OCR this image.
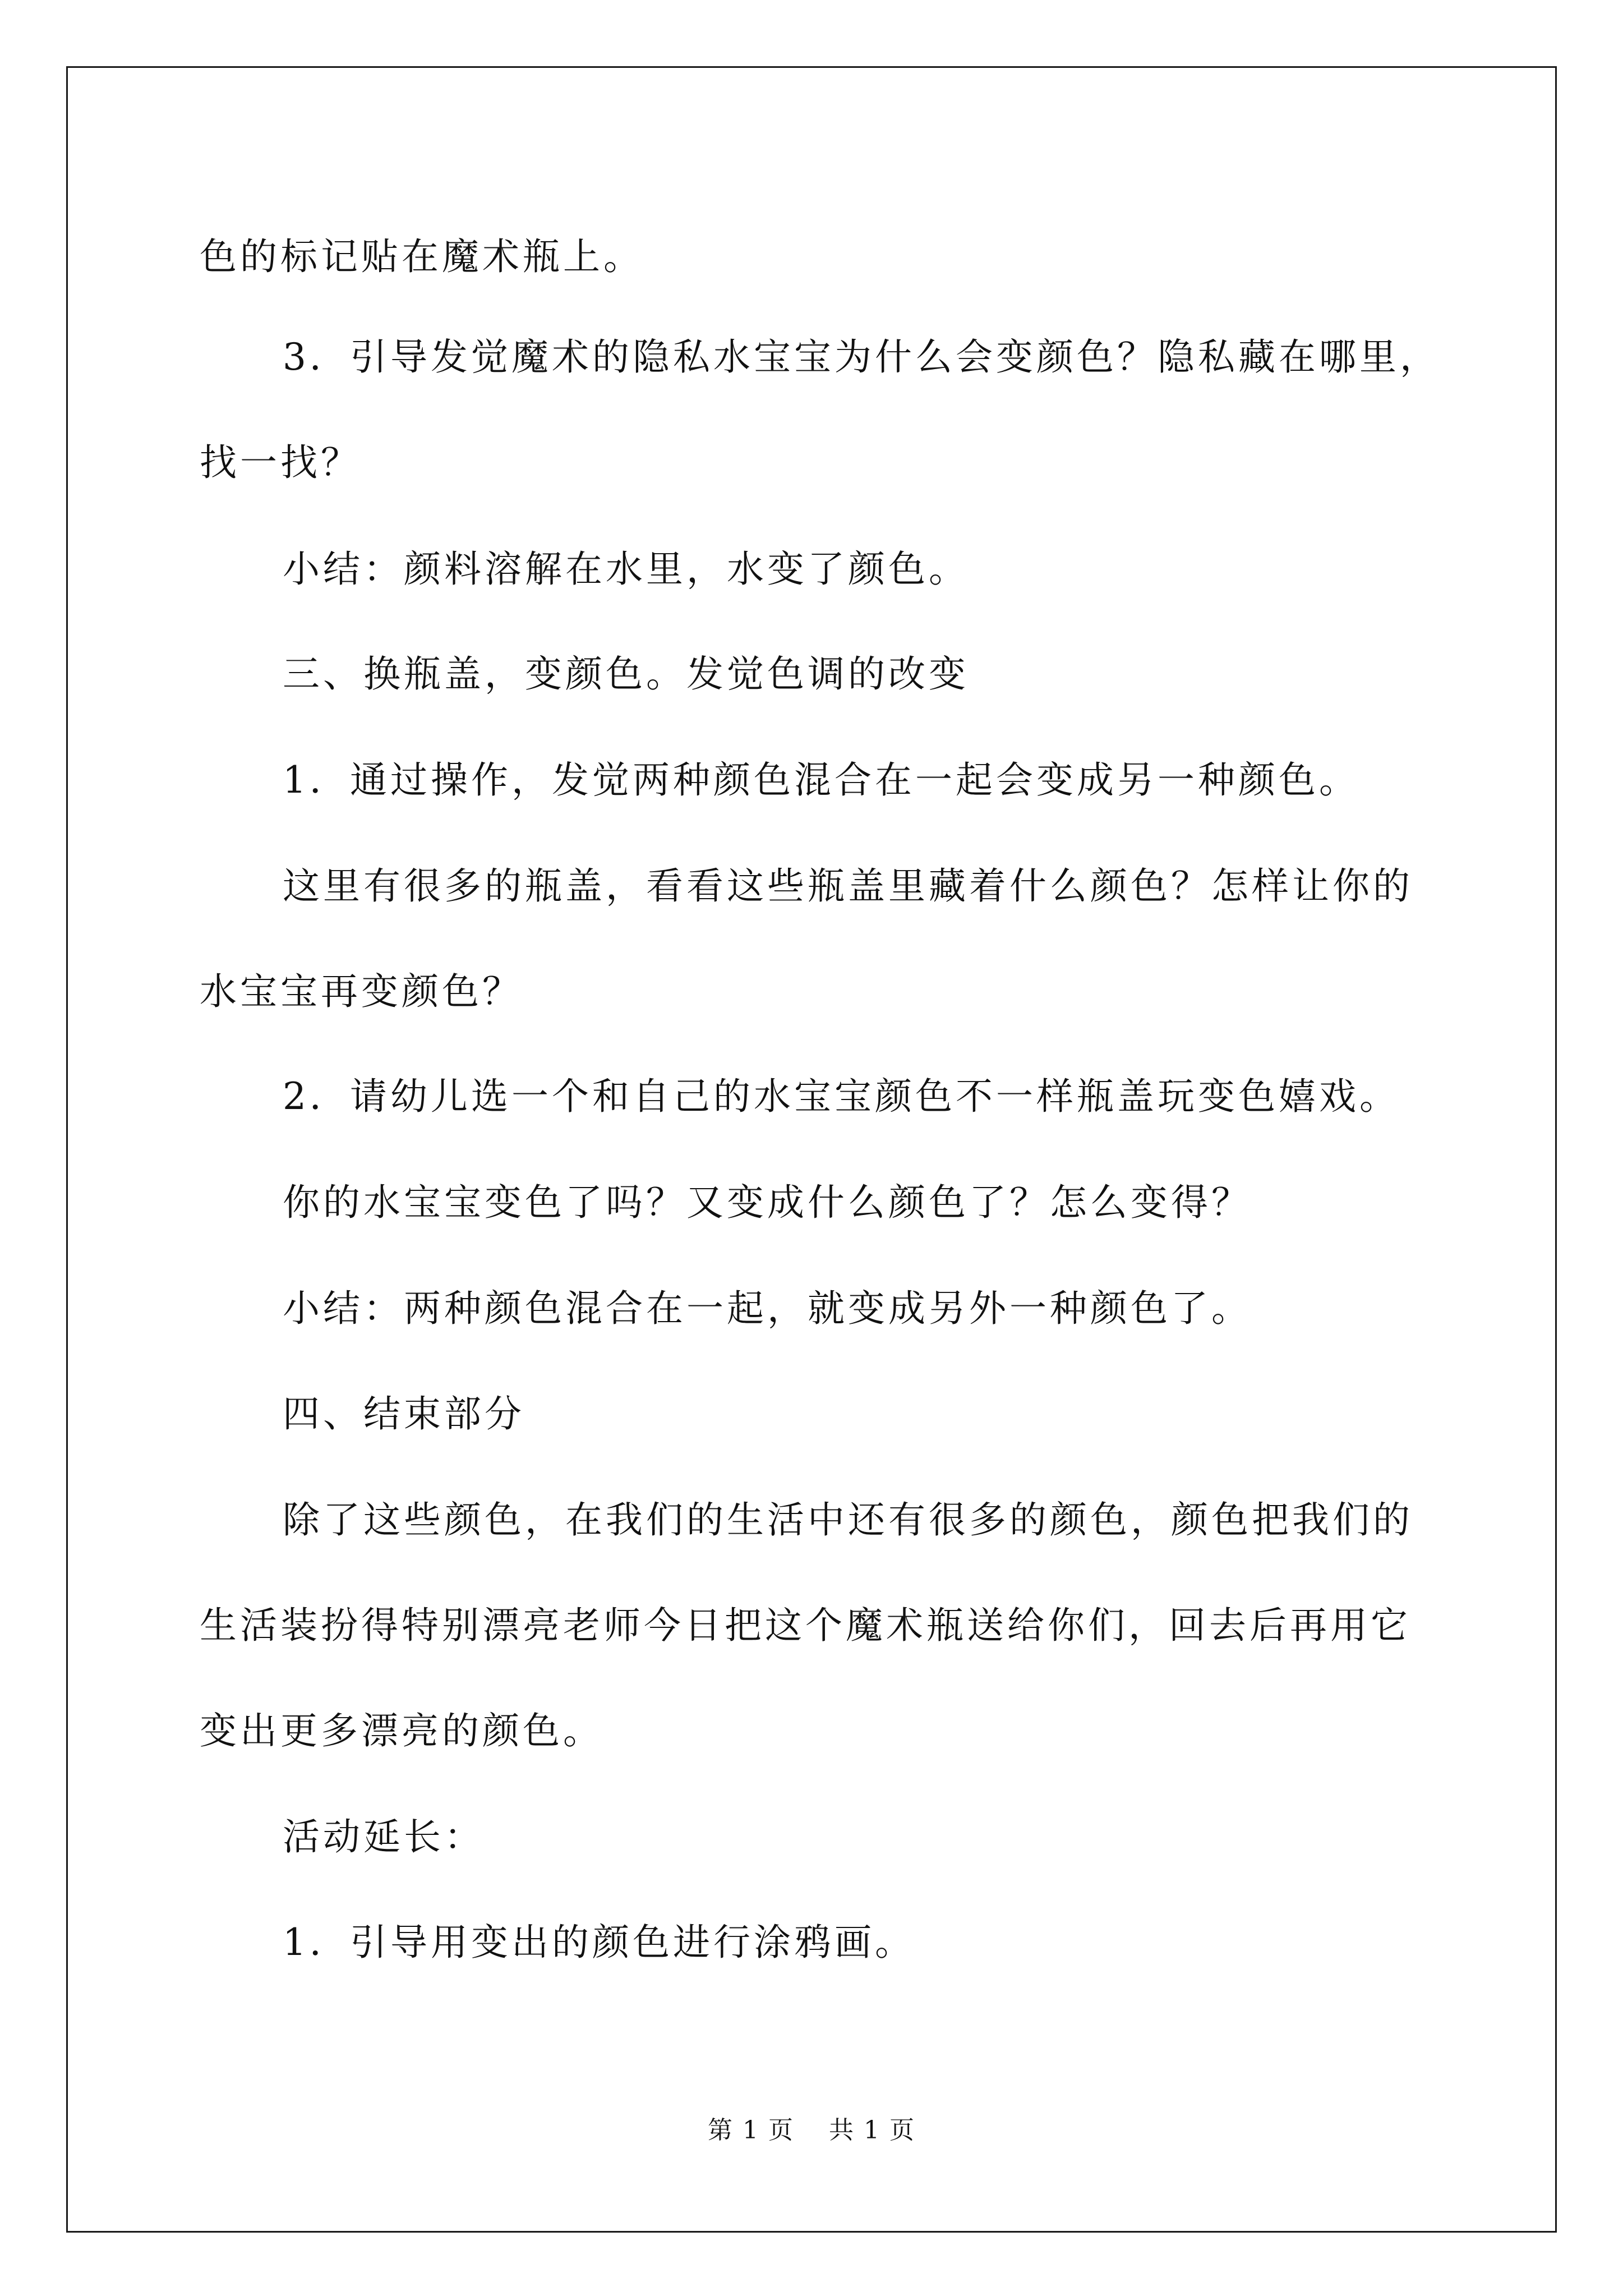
色的标记贴在魔术瓶上。
3．引导发觉魔术的隐私水宝宝为什么会变颜色？隐私藏在哪里，
找一找？
小结：颜料溶解在水里，水变了颜色。
三、换瓶盖，变颜色。发觉色调的改变
1．通过操作，发觉两种颜色混合在一起会变成另一种颜色。
这里有很多的瓶盖，看看这些瓶盖里藏着什么颜色？怎样让你的
水宝宝再变颜色？
2．请幼儿选一个和自己的水宝宝颜色不一样瓶盖玩变色嬉戏。
你的水宝宝变色了吗？又变成什么颜色了？怎么变得？
小结：两种颜色混合在一起，就变成另外一种颜色了。
四、结束部分
除了这些颜色，在我们的生活中还有很多的颜色，颜色把我们的
生活装扮得特别漂亮老师今日把这个魔术瓶送给你们，回去后再用它
变出更多漂亮的颜色。
活动延长：
1．引导用变出的颜色进行涂鸦画。
第 1 页　 共 1 页
